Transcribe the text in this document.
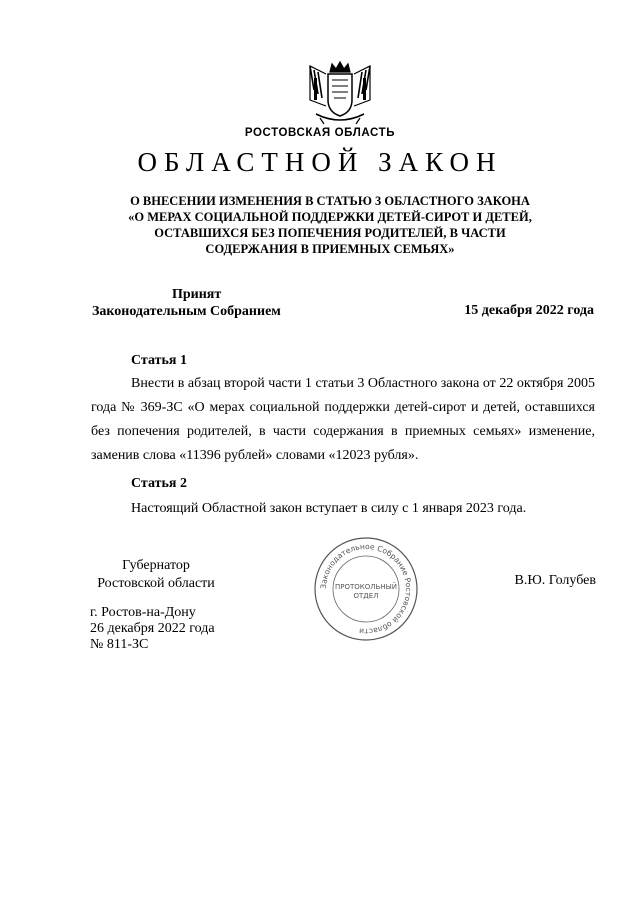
РОСТОВСКАЯ ОБЛАСТЬ
ОБЛАСТНОЙ ЗАКОН
О ВНЕСЕНИИ ИЗМЕНЕНИЯ В СТАТЬЮ 3 ОБЛАСТНОГО ЗАКОНА
«О МЕРАХ СОЦИАЛЬНОЙ ПОДДЕРЖКИ ДЕТЕЙ-СИРОТ И ДЕТЕЙ,
ОСТАВШИХСЯ БЕЗ ПОПЕЧЕНИЯ РОДИТЕЛЕЙ, В ЧАСТИ
СОДЕРЖАНИЯ В ПРИЕМНЫХ СЕМЬЯХ»
Принят
Законодательным Собранием	15 декабря 2022 года
Статья 1
Внести в абзац второй части 1 статьи 3 Областного закона от 22 октября 2005 года № 369-ЗС «О мерах социальной поддержки детей-сирот и детей, оставшихся без попечения родителей, в части содержания в приемных семьях» изменение, заменив слова «11396 рублей» словами «12023 рубля».
Статья 2
Настоящий Областной закон вступает в силу с 1 января 2023 года.
Губернатор
Ростовской области	Законодательное Собрание Ростовской области
ПРОТОКОЛЬНЫЙ
ОТДЕЛ
В.Ю. Голубев
г. Ростов-на-Дону
26 декабря 2022 года
№ 811-ЗС
